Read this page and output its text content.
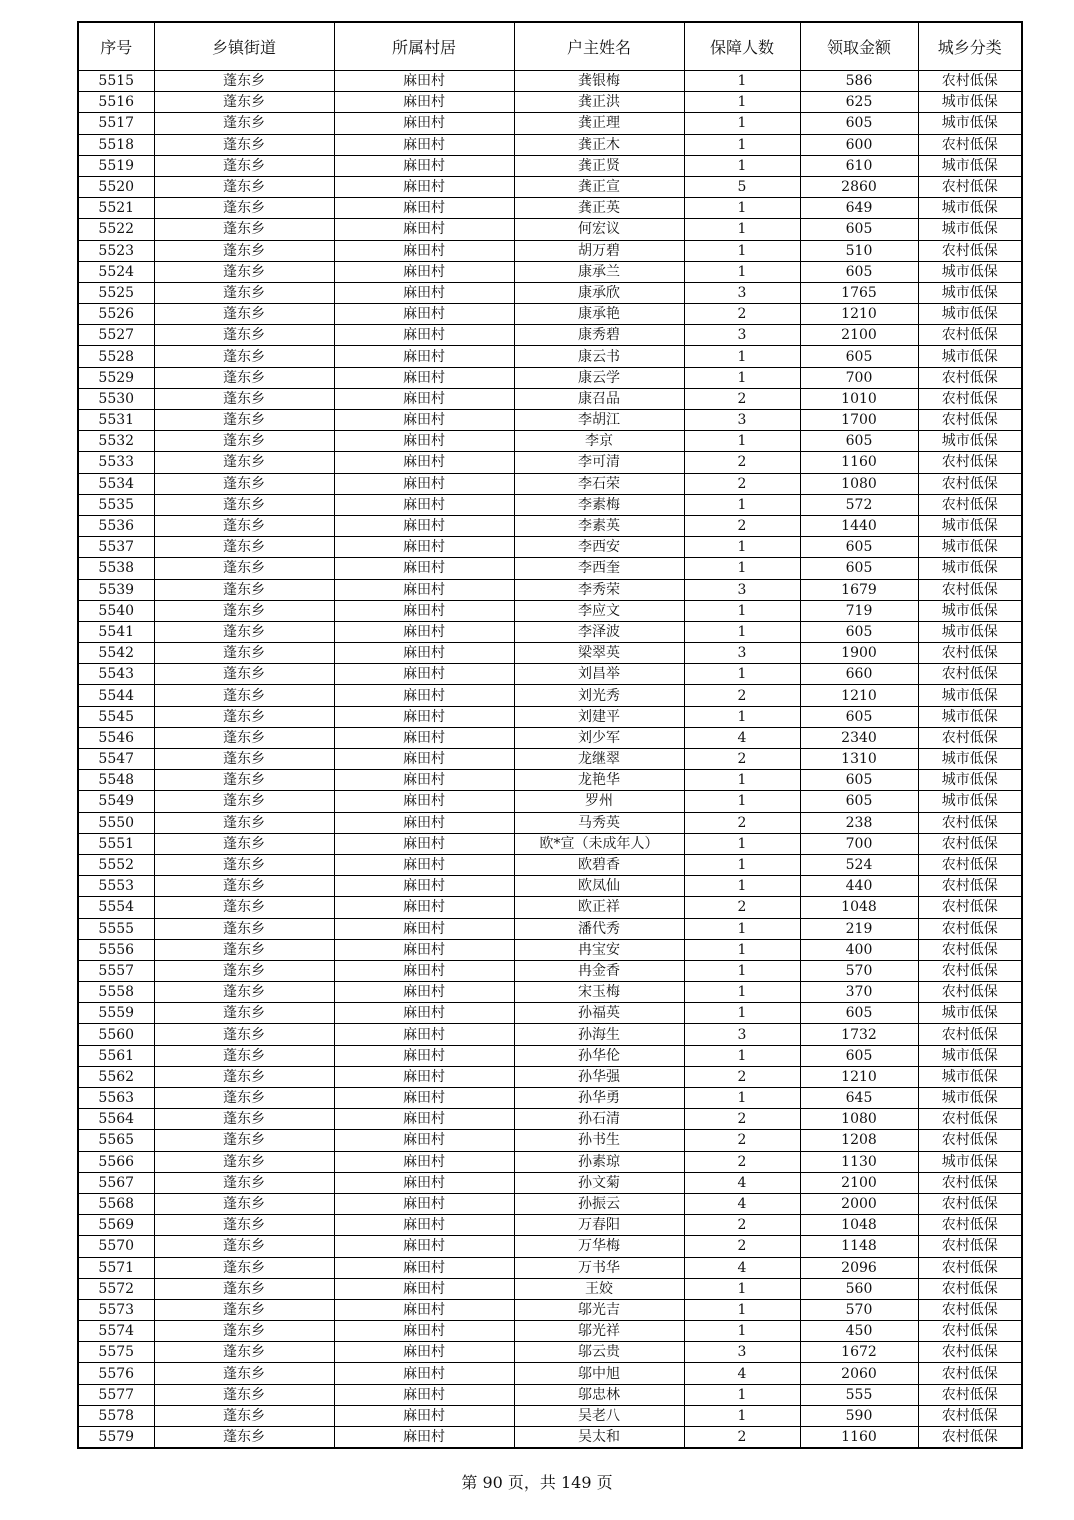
序号	乡镇街道	所属村居	户主姓名	保障人数	领取金额	城乡分类
5515	蓬东乡	麻田村	龚银梅	1	586	农村低保
5516	蓬东乡	麻田村	龚正洪	1	625	城市低保
5517	蓬东乡	麻田村	龚正理	1	605	城市低保
5518	蓬东乡	麻田村	龚正木	1	600	农村低保
5519	蓬东乡	麻田村	龚正贤	1	610	城市低保
5520	蓬东乡	麻田村	龚正宣	5	2860	农村低保
5521	蓬东乡	麻田村	龚正英	1	649	城市低保
5522	蓬东乡	麻田村	何宏议	1	605	城市低保
5523	蓬东乡	麻田村	胡万碧	1	510	农村低保
5524	蓬东乡	麻田村	康承兰	1	605	城市低保
5525	蓬东乡	麻田村	康承欣	3	1765	城市低保
5526	蓬东乡	麻田村	康承艳	2	1210	城市低保
5527	蓬东乡	麻田村	康秀碧	3	2100	农村低保
5528	蓬东乡	麻田村	康云书	1	605	城市低保
5529	蓬东乡	麻田村	康云学	1	700	农村低保
5530	蓬东乡	麻田村	康召品	2	1010	农村低保
5531	蓬东乡	麻田村	李胡江	3	1700	农村低保
5532	蓬东乡	麻田村	李京	1	605	城市低保
5533	蓬东乡	麻田村	李可清	2	1160	农村低保
5534	蓬东乡	麻田村	李石荣	2	1080	农村低保
5535	蓬东乡	麻田村	李素梅	1	572	农村低保
5536	蓬东乡	麻田村	李素英	2	1440	城市低保
5537	蓬东乡	麻田村	李西安	1	605	城市低保
5538	蓬东乡	麻田村	李西奎	1	605	城市低保
5539	蓬东乡	麻田村	李秀荣	3	1679	农村低保
5540	蓬东乡	麻田村	李应文	1	719	城市低保
5541	蓬东乡	麻田村	李泽波	1	605	城市低保
5542	蓬东乡	麻田村	梁翠英	3	1900	农村低保
5543	蓬东乡	麻田村	刘昌举	1	660	农村低保
5544	蓬东乡	麻田村	刘光秀	2	1210	城市低保
5545	蓬东乡	麻田村	刘建平	1	605	城市低保
5546	蓬东乡	麻田村	刘少军	4	2340	农村低保
5547	蓬东乡	麻田村	龙继翠	2	1310	城市低保
5548	蓬东乡	麻田村	龙艳华	1	605	城市低保
5549	蓬东乡	麻田村	罗州	1	605	城市低保
5550	蓬东乡	麻田村	马秀英	2	238	农村低保
5551	蓬东乡	麻田村	欧*宣（未成年人）	1	700	农村低保
5552	蓬东乡	麻田村	欧碧香	1	524	农村低保
5553	蓬东乡	麻田村	欧凤仙	1	440	农村低保
5554	蓬东乡	麻田村	欧正祥	2	1048	农村低保
5555	蓬东乡	麻田村	潘代秀	1	219	农村低保
5556	蓬东乡	麻田村	冉宝安	1	400	农村低保
5557	蓬东乡	麻田村	冉金香	1	570	农村低保
5558	蓬东乡	麻田村	宋玉梅	1	370	农村低保
5559	蓬东乡	麻田村	孙福英	1	605	城市低保
5560	蓬东乡	麻田村	孙海生	3	1732	农村低保
5561	蓬东乡	麻田村	孙华伦	1	605	城市低保
5562	蓬东乡	麻田村	孙华强	2	1210	城市低保
5563	蓬东乡	麻田村	孙华勇	1	645	城市低保
5564	蓬东乡	麻田村	孙石清	2	1080	农村低保
5565	蓬东乡	麻田村	孙书生	2	1208	农村低保
5566	蓬东乡	麻田村	孙素琼	2	1130	城市低保
5567	蓬东乡	麻田村	孙文菊	4	2100	农村低保
5568	蓬东乡	麻田村	孙振云	4	2000	农村低保
5569	蓬东乡	麻田村	万春阳	2	1048	农村低保
5570	蓬东乡	麻田村	万华梅	2	1148	农村低保
5571	蓬东乡	麻田村	万书华	4	2096	农村低保
5572	蓬东乡	麻田村	王姣	1	560	农村低保
5573	蓬东乡	麻田村	邬光吉	1	570	农村低保
5574	蓬东乡	麻田村	邬光祥	1	450	农村低保
5575	蓬东乡	麻田村	邬云贵	3	1672	农村低保
5576	蓬东乡	麻田村	邬中旭	4	2060	农村低保
5577	蓬东乡	麻田村	邬忠林	1	555	农村低保
5578	蓬东乡	麻田村	吴老八	1	590	农村低保
5579	蓬东乡	麻田村	吴太和	2	1160	农村低保
第 90 页，共 149 页
